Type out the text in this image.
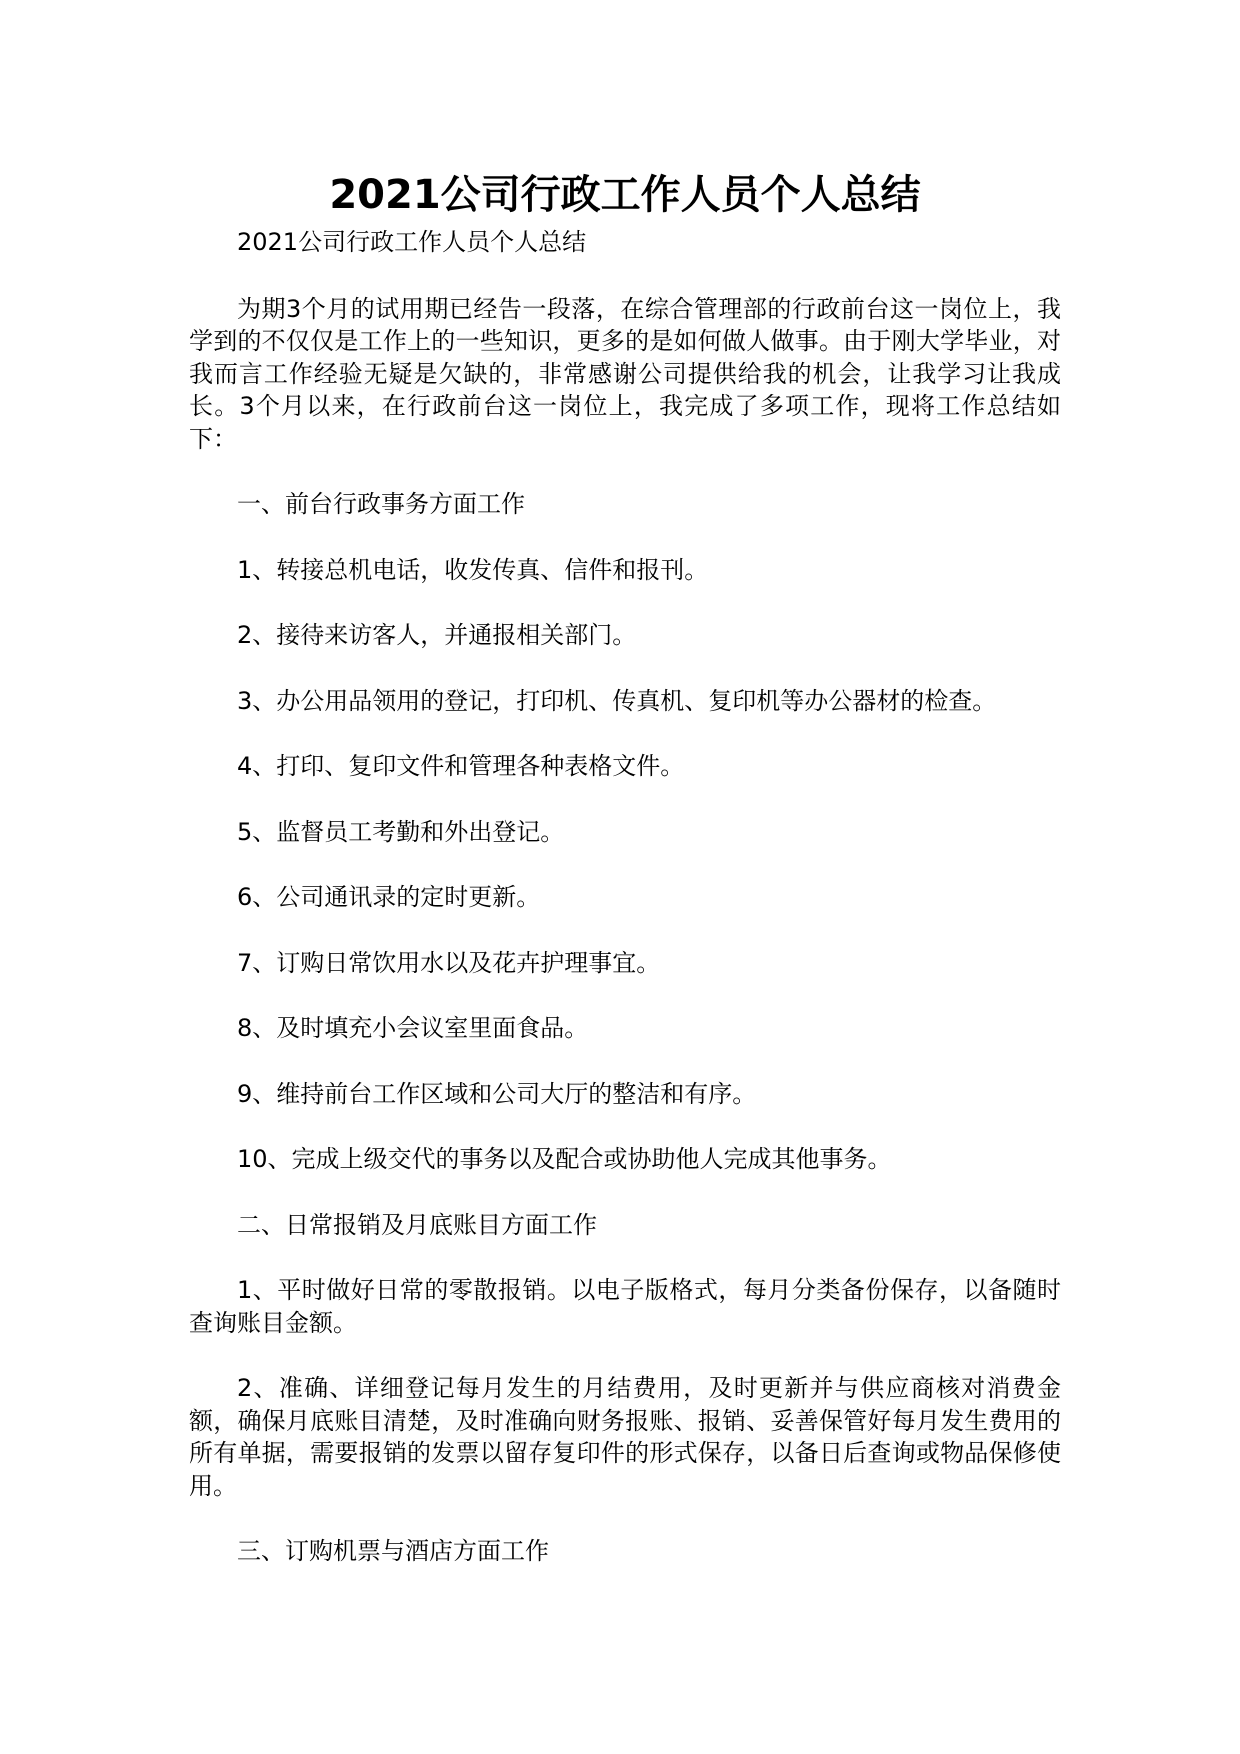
2021公司行政工作人员个人总结

2021公司行政工作人员个人总结

为期3个月的试用期已经告一段落，在综合管理部的行政前台这一岗位上，我学到的不仅仅是工作上的一些知识，更多的是如何做人做事。由于刚大学毕业，对我而言工作经验无疑是欠缺的，非常感谢公司提供给我的机会，让我学习让我成长。3个月以来，在行政前台这一岗位上，我完成了多项工作，现将工作总结如下：

一、前台行政事务方面工作

1、转接总机电话，收发传真、信件和报刊。

2、接待来访客人，并通报相关部门。

3、办公用品领用的登记，打印机、传真机、复印机等办公器材的检查。

4、打印、复印文件和管理各种表格文件。

5、监督员工考勤和外出登记。

6、公司通讯录的定时更新。

7、订购日常饮用水以及花卉护理事宜。

8、及时填充小会议室里面食品。

9、维持前台工作区域和公司大厅的整洁和有序。

10、完成上级交代的事务以及配合或协助他人完成其他事务。

二、日常报销及月底账目方面工作

1、平时做好日常的零散报销。以电子版格式，每月分类备份保存，以备随时查询账目金额。

2、准确、详细登记每月发生的月结费用，及时更新并与供应商核对消费金额，确保月底账目清楚，及时准确向财务报账、报销、妥善保管好每月发生费用的所有单据，需要报销的发票以留存复印件的形式保存，以备日后查询或物品保修使用。

三、订购机票与酒店方面工作
